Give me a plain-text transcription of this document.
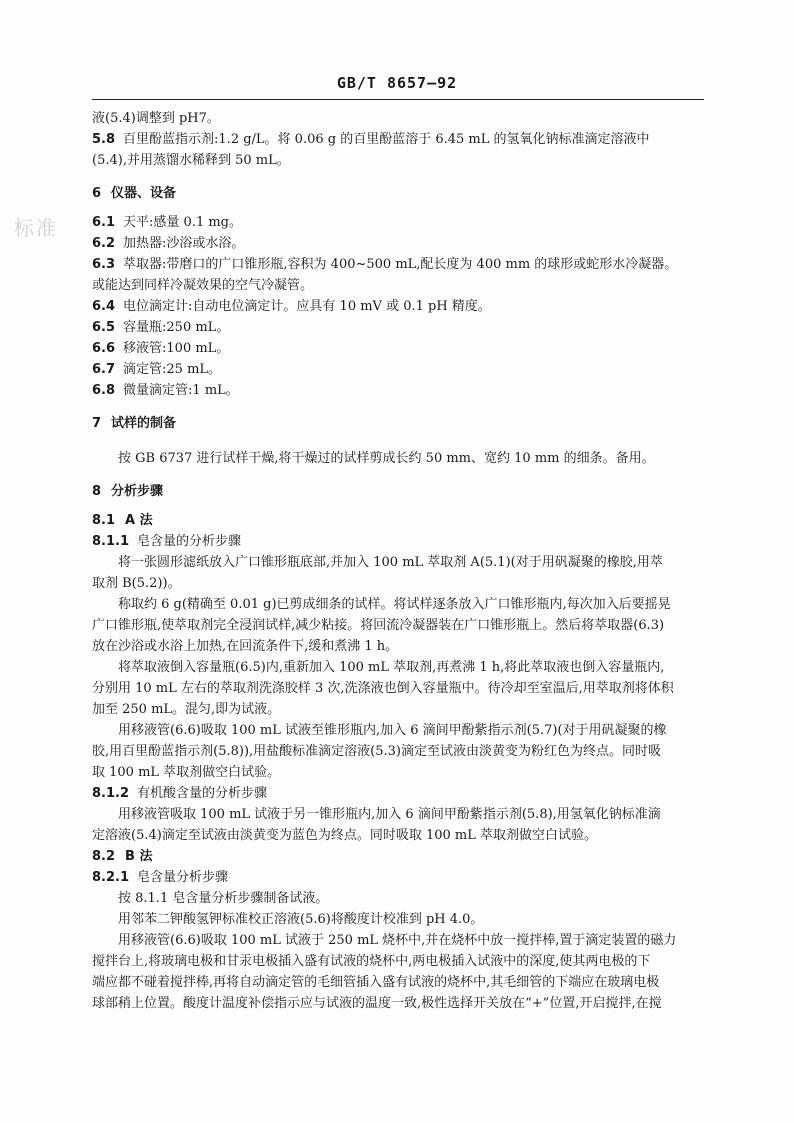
GB/T 8657—92
标准
液(5.4)调整到 pH7。
5.8 百里酚蓝指示剂:1.2 g/L。将 0.06 g 的百里酚蓝溶于 6.45 mL 的氢氧化钠标准滴定溶液中
(5.4),并用蒸馏水稀释到 50 mL。
6 仪器、设备
6.1 天平:感量 0.1 mg。
6.2 加热器:沙浴或水浴。
6.3 萃取器:带磨口的广口锥形瓶,容积为 400~500 mL,配长度为 400 mm 的球形或蛇形水冷凝器。
或能达到同样冷凝效果的空气冷凝管。
6.4 电位滴定计:自动电位滴定计。应具有 10 mV 或 0.1 pH 精度。
6.5 容量瓶:250 mL。
6.6 移液管:100 mL。
6.7 滴定管:25 mL。
6.8 微量滴定管:1 mL。
7 试样的制备
按 GB 6737 进行试样干燥,将干燥过的试样剪成长约 50 mm、宽约 10 mm 的细条。备用。
8 分析步骤
8.1 A 法
8.1.1 皂含量的分析步骤
将一张圆形滤纸放入广口锥形瓶底部,并加入 100 mL 萃取剂 A(5.1)(对于用矾凝聚的橡胶,用萃
取剂 B(5.2))。
称取约 6 g(精确至 0.01 g)已剪成细条的试样。将试样逐条放入广口锥形瓶内,每次加入后要摇晃
广口锥形瓶,使萃取剂完全浸润试样,减少粘接。将回流冷凝器装在广口锥形瓶上。然后将萃取器(6.3)
放在沙浴或水浴上加热,在回流条件下,缓和煮沸 1 h。
将萃取液倒入容量瓶(6.5)内,重新加入 100 mL 萃取剂,再煮沸 1 h,将此萃取液也倒入容量瓶内,
分别用 10 mL 左右的萃取剂洗涤胶样 3 次,洗涤液也倒入容量瓶中。待冷却至室温后,用萃取剂将体积
加至 250 mL。混匀,即为试液。
用移液管(6.6)吸取 100 mL 试液至锥形瓶内,加入 6 滴间甲酚紫指示剂(5.7)(对于用矾凝聚的橡
胶,用百里酚蓝指示剂(5.8)),用盐酸标准滴定溶液(5.3)滴定至试液由淡黄变为粉红色为终点。同时吸
取 100 mL 萃取剂做空白试验。
8.1.2 有机酸含量的分析步骤
用移液管吸取 100 mL 试液于另一锥形瓶内,加入 6 滴间甲酚紫指示剂(5.8),用氢氧化钠标准滴
定溶液(5.4)滴定至试液由淡黄变为蓝色为终点。同时吸取 100 mL 萃取剂做空白试验。
8.2 B 法
8.2.1 皂含量分析步骤
按 8.1.1 皂含量分析步骤制备试液。
用邻苯二钾酸氢钾标准校正溶液(5.6)将酸度计校准到 pH 4.0。
用移液管(6.6)吸取 100 mL 试液于 250 mL 烧杯中,并在烧杯中放一搅拌棒,置于滴定装置的磁力
搅拌台上,将玻璃电极和甘汞电极插入盛有试液的烧杯中,两电极插入试液中的深度,使其两电极的下
端应都不碰着搅拌棒,再将自动滴定管的毛细管插入盛有试液的烧杯中,其毛细管的下端应在玻璃电极
球部稍上位置。酸度计温度补偿指示应与试液的温度一致,极性选择开关放在“+”位置,开启搅拌,在搅
